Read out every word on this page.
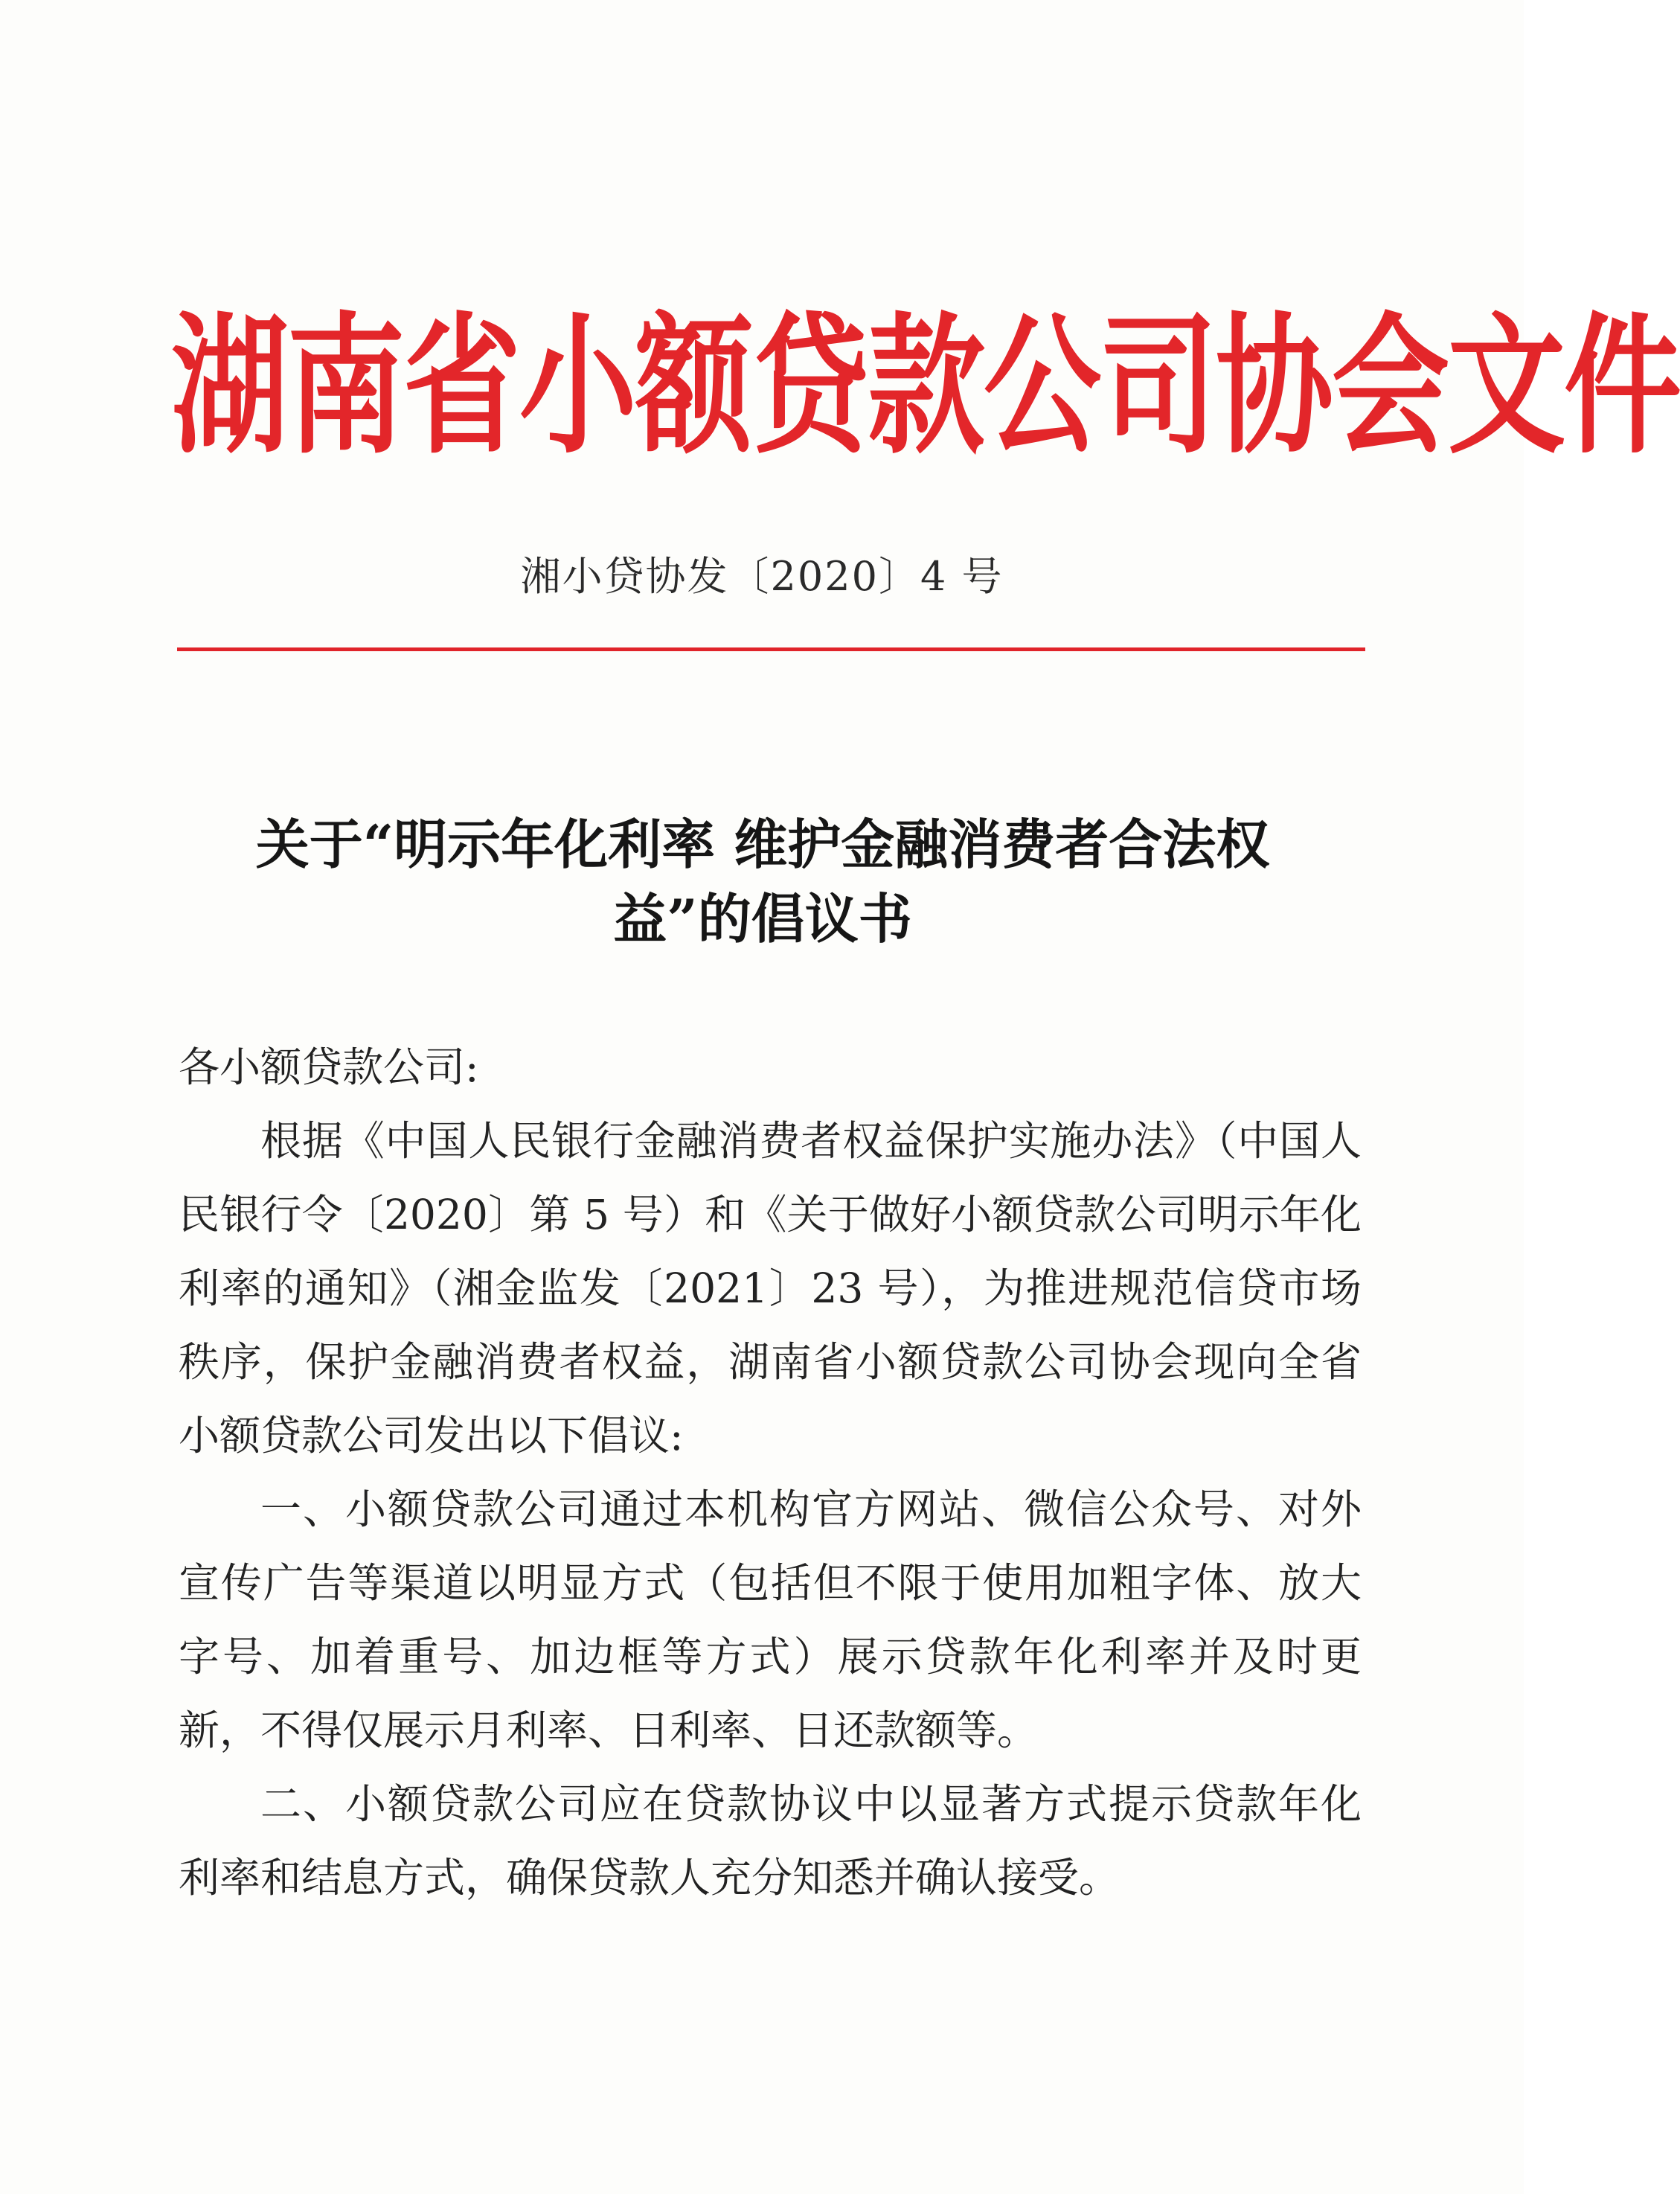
湖南省小额贷款公司协会文件
湘小贷协发〔2020〕4 号
关于“明示年化利率 维护金融消费者合法权
益”的倡议书

各小额贷款公司:

根据《中国人民银行金融消费者权益保护实施办法》（中国人民银行令〔2020〕第 5 号）和《关于做好小额贷款公司明示年化利率的通知》（湘金监发〔2021〕23 号），为推进规范信贷市场秩序，保护金融消费者权益，湖南省小额贷款公司协会现向全省小额贷款公司发出以下倡议:

一、小额贷款公司通过本机构官方网站、微信公众号、对外宣传广告等渠道以明显方式（包括但不限于使用加粗字体、放大字号、加着重号、加边框等方式）展示贷款年化利率并及时更新，不得仅展示月利率、日利率、日还款额等。

二、小额贷款公司应在贷款协议中以显著方式提示贷款年化利率和结息方式，确保贷款人充分知悉并确认接受。
